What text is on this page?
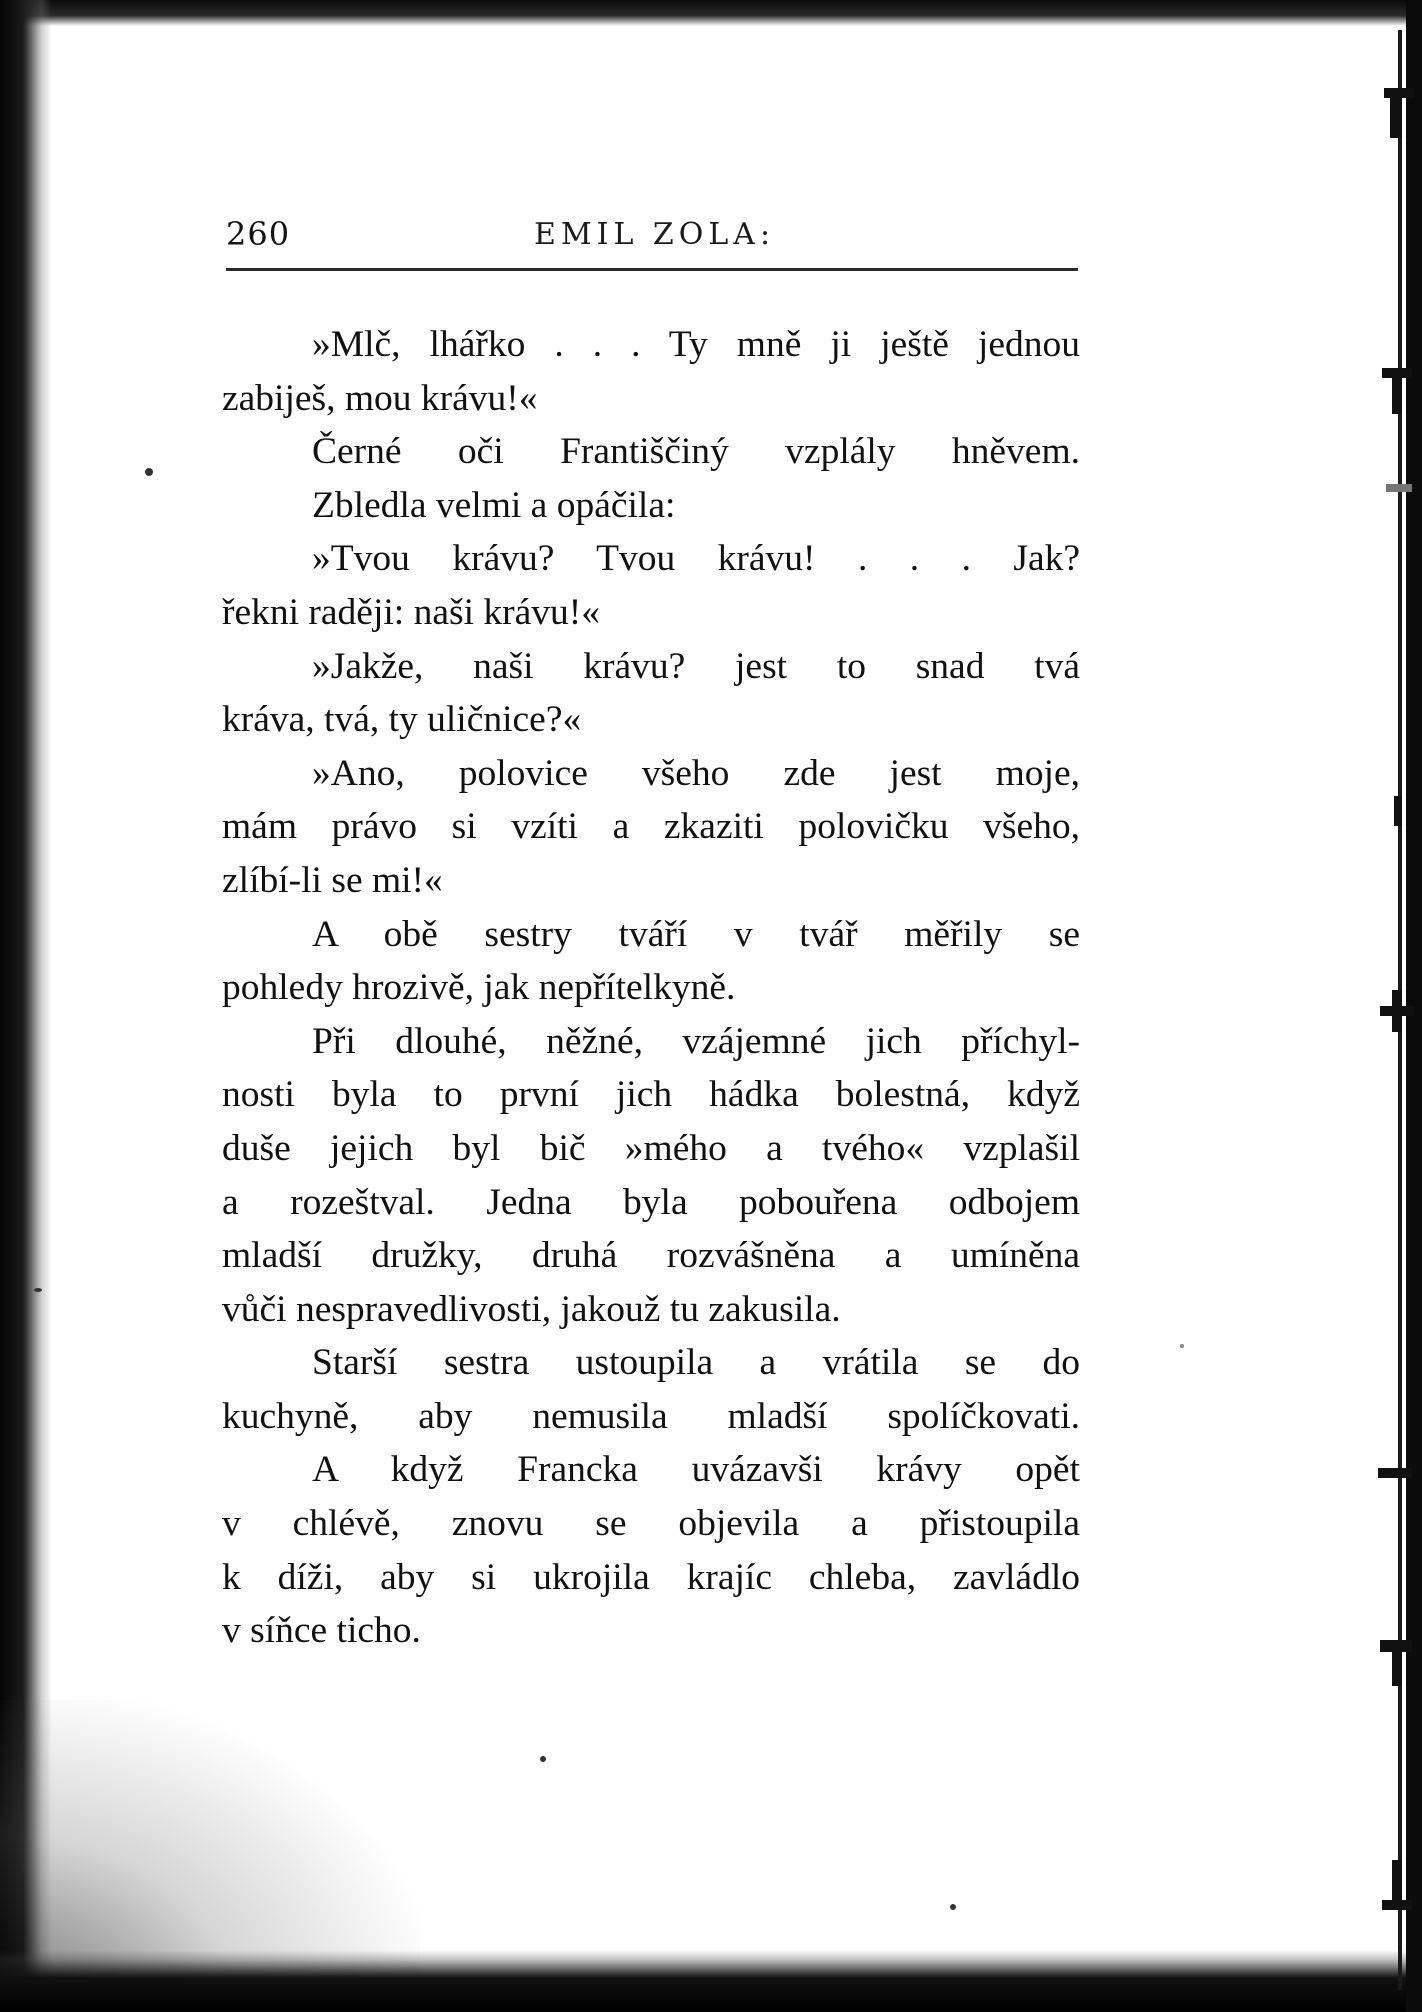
260	EMIL ZOLA:
»Mlč, lhářko . . . Ty mně ji ještě jednou
zabiješ, mou krávu!«
Černé oči Františčiný vzplály hněvem.
Zbledla velmi a opáčila:
»Tvou krávu? Tvou krávu! . . . Jak?
řekni raději: naši krávu!«
»Jakže, naši krávu? jest to snad tvá
kráva, tvá, ty uličnice?«
»Ano, polovice všeho zde jest moje,
mám právo si vzíti a zkaziti polovičku všeho,
zlíbí-li se mi!«
A obě sestry tváří v tvář měřily se
pohledy hrozivě, jak nepřítelkyně.
Při dlouhé, něžné, vzájemné jich příchyl-
nosti byla to první jich hádka bolestná, když
duše jejich byl bič »mého a tvého« vzplašil
a rozeštval. Jedna byla pobouřena odbojem
mladší družky, druhá rozvášněna a umíněna
vůči nespravedlivosti, jakouž tu zakusila.
Starší sestra ustoupila a vrátila se do
kuchyně, aby nemusila mladší spolíčkovati.
A když Francka uvázavši krávy opět
v chlévě, znovu se objevila a přistoupila
k díži, aby si ukrojila krajíc chleba, zavládlo
v síňce ticho.
